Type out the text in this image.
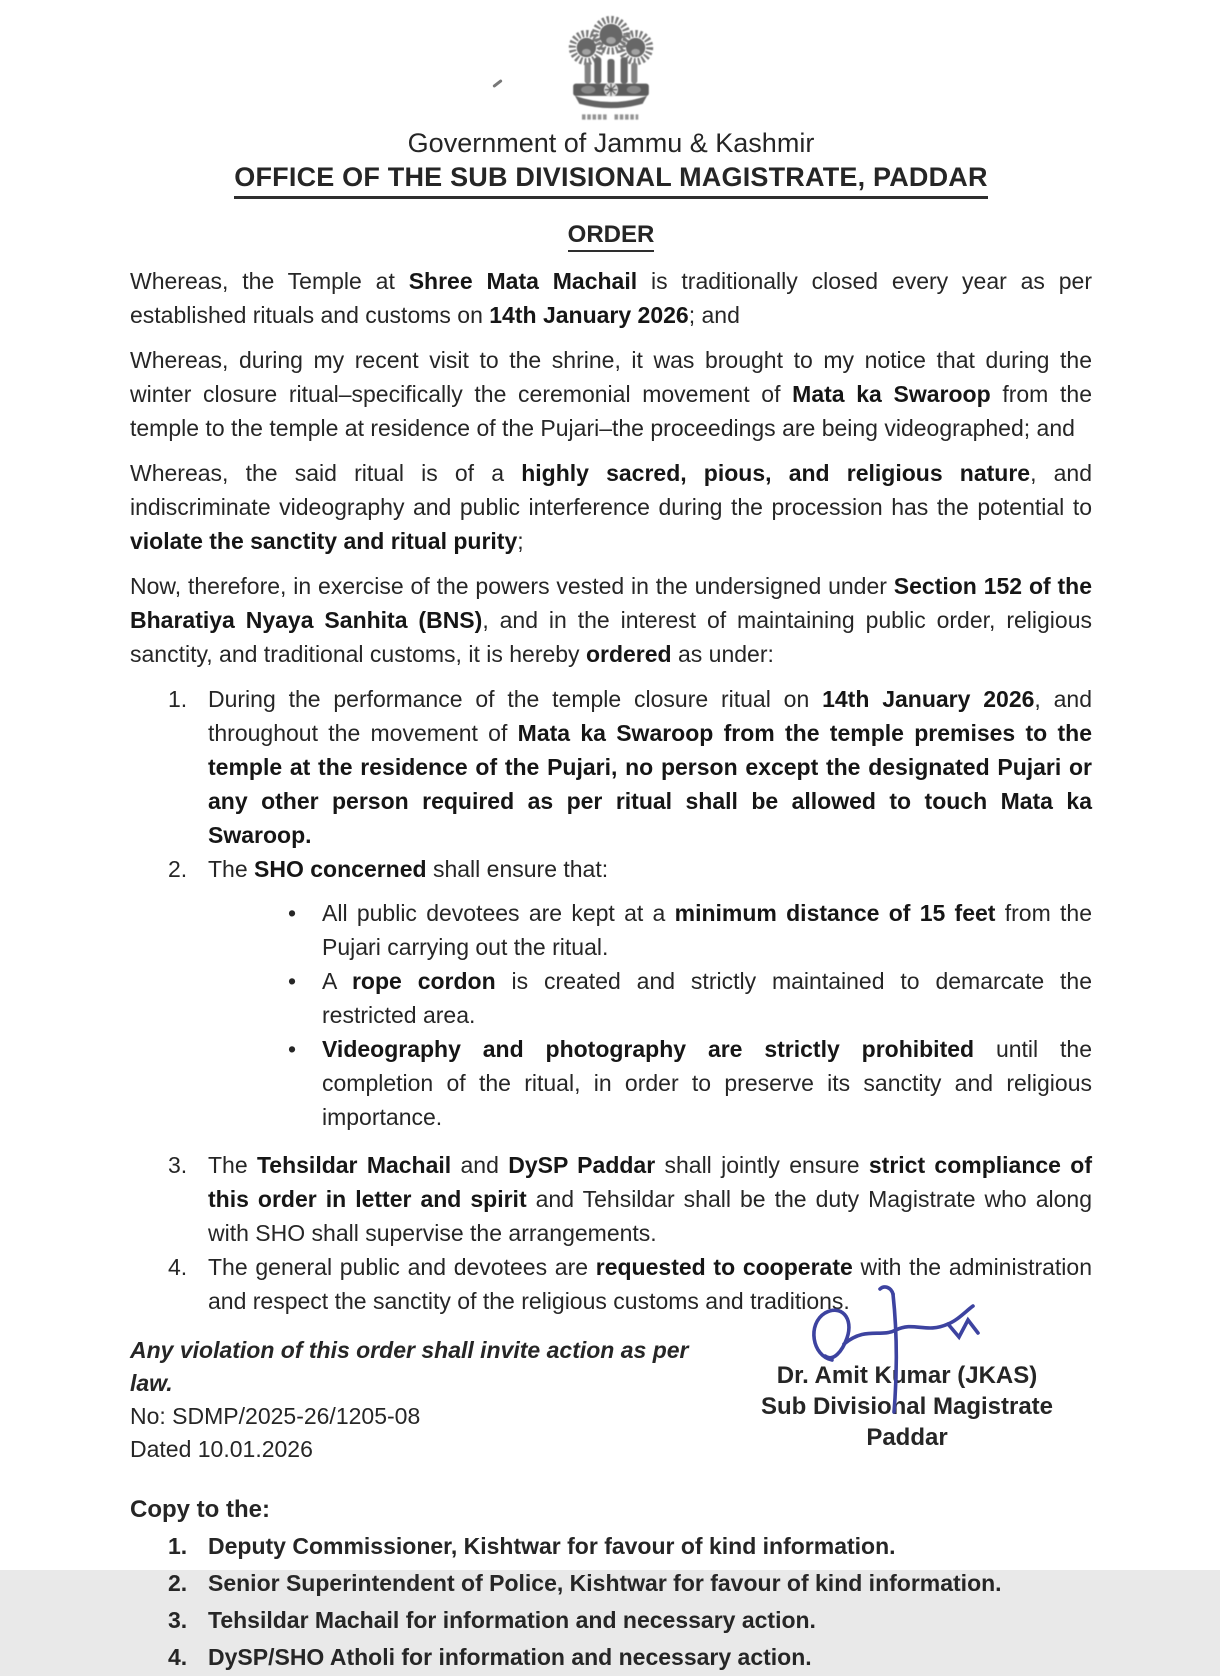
Government of Jammu & Kashmir
OFFICE OF THE SUB DIVISIONAL MAGISTRATE, PADDAR
ORDER

Whereas, the Temple at Shree Mata Machail is traditionally closed every year as per established rituals and customs on 14th January 2026; and

Whereas, during my recent visit to the shrine, it was brought to my notice that during the winter closure ritual–specifically the ceremonial movement of Mata ka Swaroop from the temple to the temple at residence of the Pujari–the proceedings are being videographed; and

Whereas, the said ritual is of a highly sacred, pious, and religious nature, and indiscriminate videography and public interference during the procession has the potential to violate the sanctity and ritual purity;

Now, therefore, in exercise of the powers vested in the undersigned under Section 152 of the Bharatiya Nyaya Sanhita (BNS), and in the interest of maintaining public order, religious sanctity, and traditional customs, it is hereby ordered as under:

1. During the performance of the temple closure ritual on 14th January 2026, and throughout the movement of Mata ka Swaroop from the temple premises to the temple at the residence of the Pujari, no person except the designated Pujari or any other person required as per ritual shall be allowed to touch Mata ka Swaroop.
2. The SHO concerned shall ensure that:
•	All public devotees are kept at a minimum distance of 15 feet from the Pujari carrying out the ritual.
•	A rope cordon is created and strictly maintained to demarcate the restricted area.
•	Videography and photography are strictly prohibited until the completion of the ritual, in order to preserve its sanctity and religious importance.
3. The Tehsildar Machail and DySP Paddar shall jointly ensure strict compliance of this order in letter and spirit and Tehsildar shall be the duty Magistrate who along with SHO shall supervise the arrangements.
4. The general public and devotees are requested to cooperate with the administration and respect the sanctity of the religious customs and traditions.
Any violation of this order shall invite action as per law.
No: SDMP/2025-26/1205-08
Dated 10.01.2026
Dr. Amit Kumar (JKAS)
Sub Divisional Magistrate
Paddar
Copy to the:
1. Deputy Commissioner, Kishtwar for favour of kind information.
2. Senior Superintendent of Police, Kishtwar for favour of kind information.
3. Tehsildar Machail for information and necessary action.
4. DySP/SHO Atholi for information and necessary action.
